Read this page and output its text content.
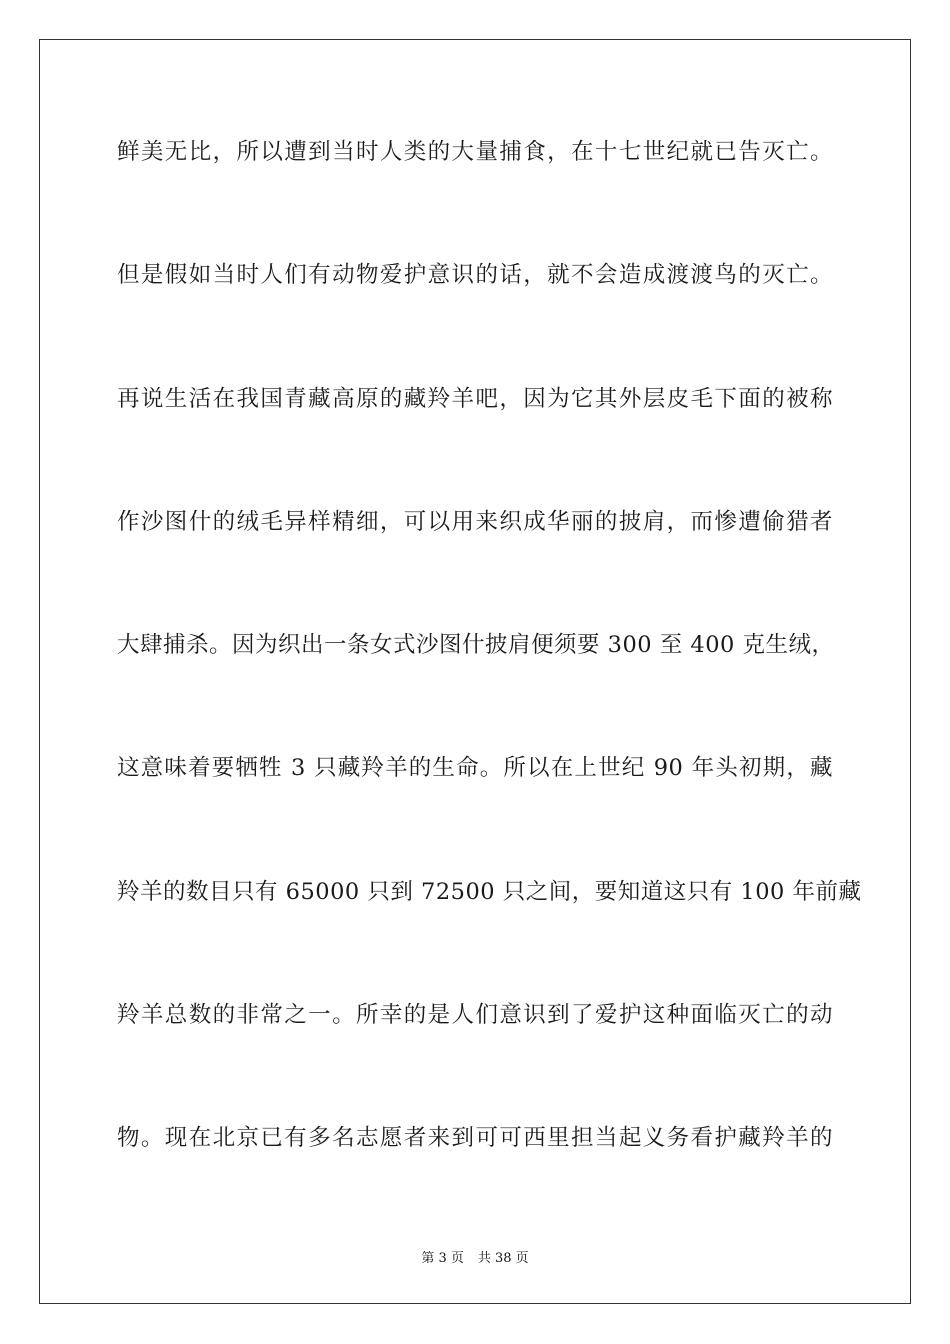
鲜美无比，所以遭到当时人类的大量捕食，在十七世纪就已告灭亡。
但是假如当时人们有动物爱护意识的话，就不会造成渡渡鸟的灭亡。
再说生活在我国青藏高原的藏羚羊吧，因为它其外层皮毛下面的被称
作沙图什的绒毛异样精细，可以用来织成华丽的披肩，而惨遭偷猎者
大肆捕杀。因为织出一条女式沙图什披肩便须要 300 至 400 克生绒，
这意味着要牺牲 3 只藏羚羊的生命。所以在上世纪 90 年头初期，藏
羚羊的数目只有 65000 只到 72500 只之间，要知道这只有 100 年前藏
羚羊总数的非常之一。所幸的是人们意识到了爱护这种面临灭亡的动
物。现在北京已有多名志愿者来到可可西里担当起义务看护藏羚羊的
第 3 页 共 38 页
